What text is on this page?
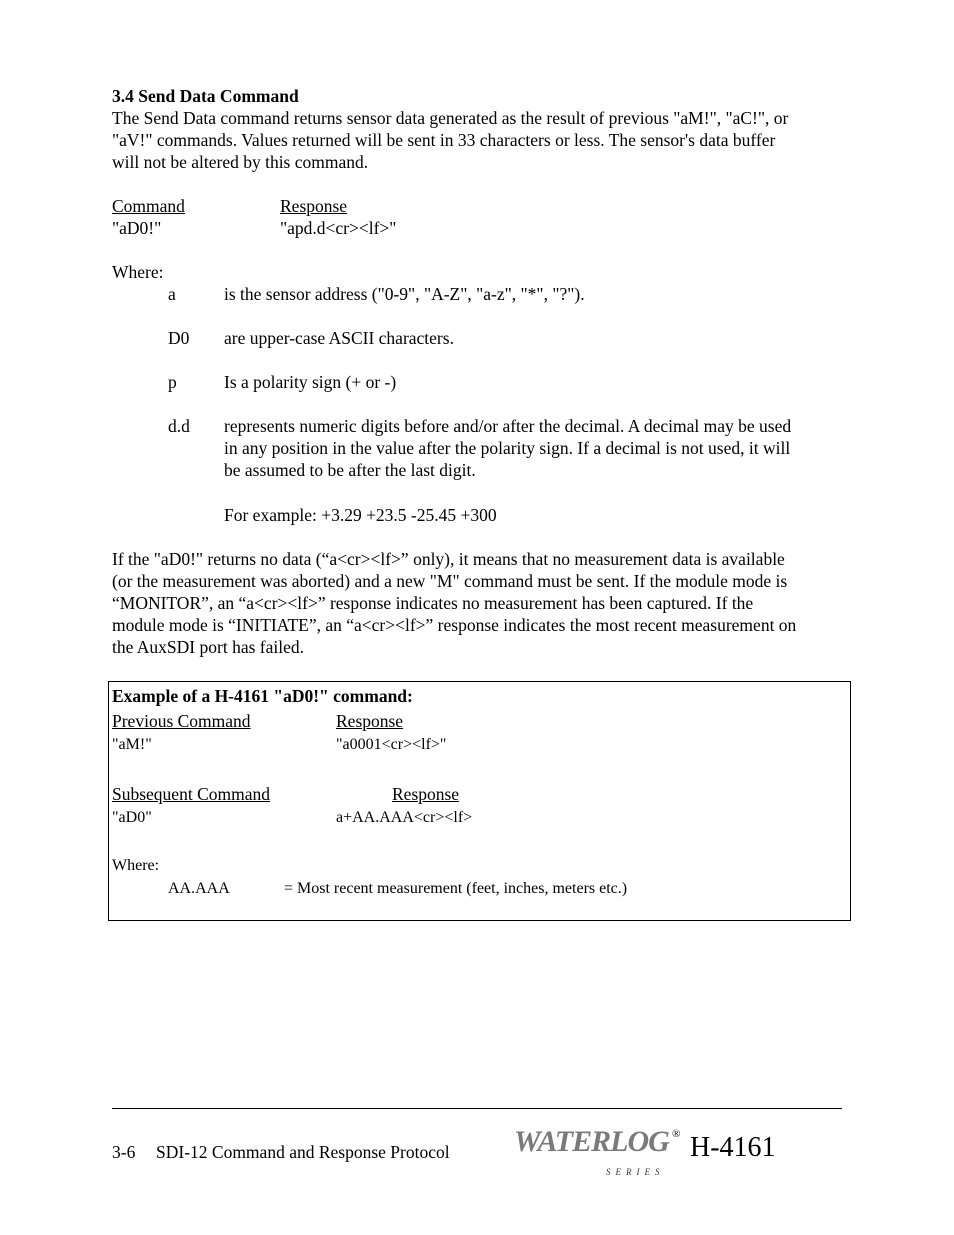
3.4 Send Data Command
The Send Data command returns sensor data generated as the result of previous "aM!", "aC!", or
"aV!" commands. Values returned will be sent in 33 characters or less. The sensor's data buffer
will not be altered by this command.
Command	Response
"aD0!"	"apd.d<cr><lf>"
Where:
a	is the sensor address ("0-9", "A-Z", "a-z", "*", "?").
D0 are upper-case ASCII characters.
p	Is a polarity sign (+ or -)
d.d represents numeric digits before and/or after the decimal. A decimal may be used
in any position in the value after the polarity sign. If a decimal is not used, it will
be assumed to be after the last digit.
For example: +3.29 +23.5 -25.45 +300
If the "aD0!" returns no data (“a<cr><lf>” only), it means that no measurement data is available
(or the measurement was aborted) and a new "M" command must be sent. If the module mode is
“MONITOR”, an “a<cr><lf>” response indicates no measurement has been captured. If the
module mode is “INITIATE”, an “a<cr><lf>” response indicates the most recent measurement on
the AuxSDI port has failed.
Example of a H-4161 "aD0!" command:
Previous Command	Response
"aM!"	"a0001<cr><lf>"
Subsequent Command	Response
"aD0"	a+AA.AAA<cr><lf>
Where:
AA.AAA	= Most recent measurement (feet, inches, meters etc.)
3-6 SDI-12 Command and Response Protocol WATERLOG
SERIES
® H-4161
